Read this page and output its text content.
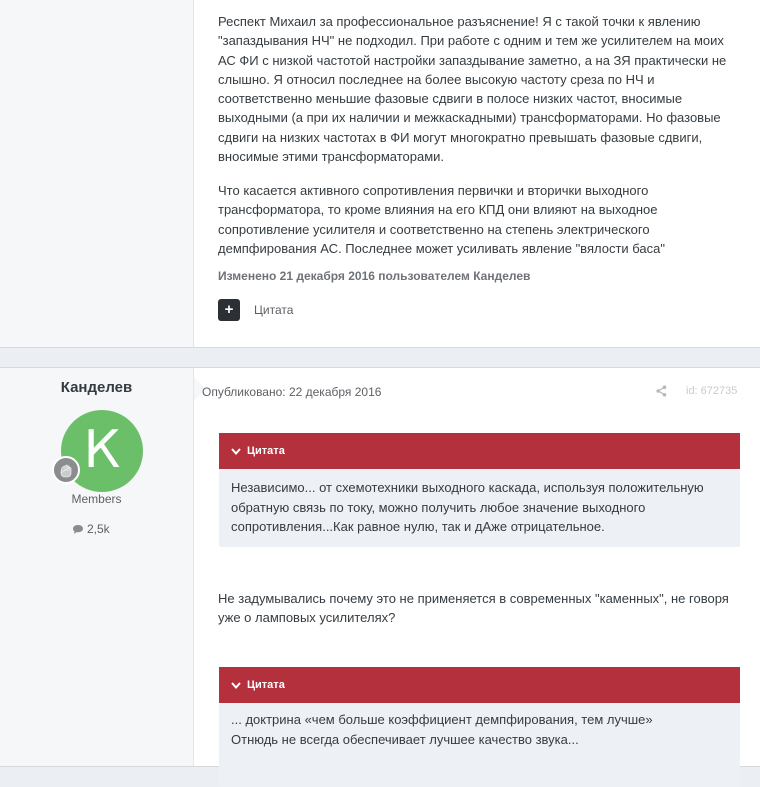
Респект Михаил за профессиональное разъяснение! Я с такой точки к явлению "запаздывания НЧ" не подходил. При работе с одним и тем же усилителем на моих АС ФИ с низкой частотой настройки запаздывание заметно, а на ЗЯ практически не слышно. Я относил последнее на более высокую частоту среза по НЧ и соответственно меньшие фазовые сдвиги в полосе низких частот, вносимые выходными (а при их наличии и межкаскадными) трансформаторами. Но фазовые сдвиги на низких частотах в ФИ могут многократно превышать фазовые сдвиги, вносимые этими трансформаторами.

Что касается активного сопротивления первички и вторички выходного трансформатора, то кроме влияния на его КПД они влияют на выходное сопротивление усилителя и соответственно на степень электрического демпфирования АС. Последнее может усиливать явление "вялости баса"

Изменено 21 декабря 2016 пользователем Канделев
+	Цитата
Канделев
К
Members
2,5k
Опубликовано: 22 декабря 2016	id: 672735
Цитата
Независимо... от схемотехники выходного каскада, используя положительную обратную связь по току, можно получить любое значение выходного сопротивления...Как равное нулю, так и дАже отрицательное.

Не задумывались почему это не применяется в современных "каменных", не говоря уже о ламповых усилителях?

Цитата
... доктрина «чем больше коэффициент демпфирования, тем лучше»
Отнюдь не всегда обеспечивает лучшее качество звука...
